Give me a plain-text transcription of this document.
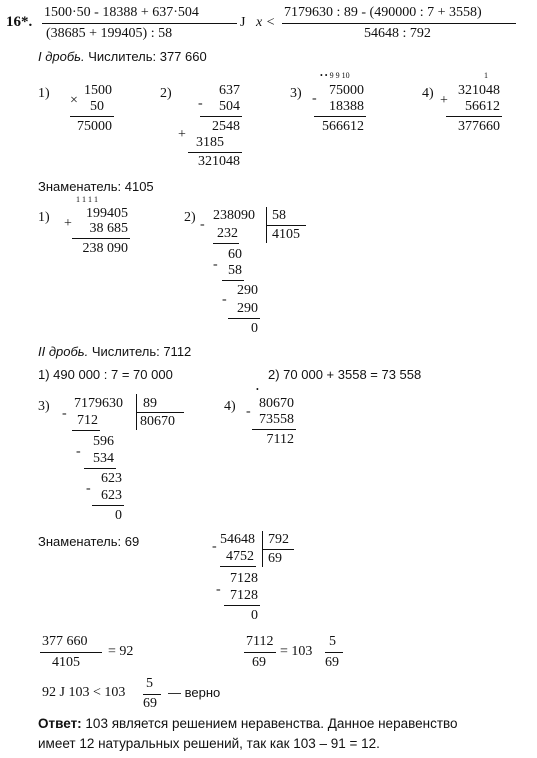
16*.
1500·50 - 18388 + 637·504
(38685 + 199405) : 58
J x <
7179630 : 89 - (490000 : 7 + 3558)
54648 : 792
I дробь. Числитель: 377 660
1) ×
1500
50
75000
2)
-
637
504
2548
+
3185
321048
3)
• • 9 9 10
-
75000
18388
566612
4)
1
+
321048
56612
377660
Знаменатель: 4105
1)
1 1 1 1
+
199405
38 685
238 090
2) -
238090 58
4105
232
-
60
58
-
290
290
0
II дробь. Числитель: 7112
1) 490 000 : 7 = 70 000	2) 70 000 + 3558 = 73 558
3) -
7179630 89
80670
712
-
596
534
-
623
623
0
4)
•
-
80670
73558
7112
Знаменатель: 69	- 54648 792
69
4752
-
7128
7128
0
377 660
4105
= 92
7112
69
= 103
5
69
92 J 103 < 103
5
69
— верно
Ответ: 103 является решением неравенства. Данное неравенство
имеет 12 натуральных решений, так как 103 – 91 = 12.
